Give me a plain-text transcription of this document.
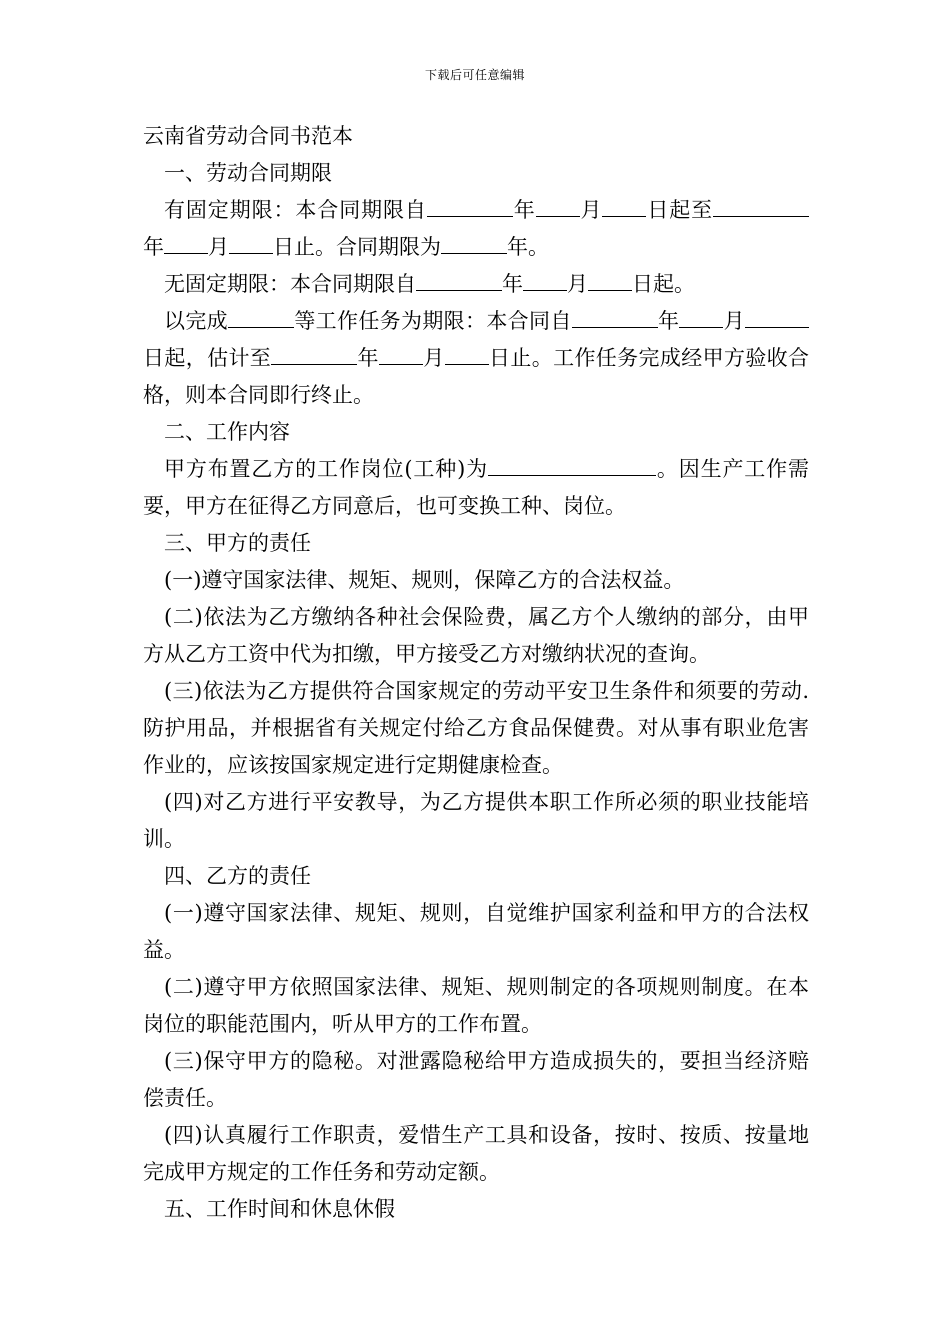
下载后可任意编辑

云南省劳动合同书范本

一、劳动合同期限

有固定期限：本合同期限自	年 月 日起至年 月 日止。合同期限为	年。

无固定期限：本合同期限自	年 月 日起。

以完成	等工作任务为期限：本合同自	年 月日起，估计至	年 月 日止。工作任务完成经甲方验收合格，则本合同即行终止。

二、工作内容

甲方布置乙方的工作岗位(工种)为	。因生产工作需要，甲方在征得乙方同意后，也可变换工种、岗位。

三、甲方的责任

(一)遵守国家法律、规矩、规则，保障乙方的合法权益。

(二)依法为乙方缴纳各种社会保险费，属乙方个人缴纳的部分，由甲方从乙方工资中代为扣缴，甲方接受乙方对缴纳状况的查询。

(三)依法为乙方提供符合国家规定的劳动平安卫生条件和须要的劳动.防护用品，并根据省有关规定付给乙方食品保健费。对从事有职业危害作业的，应该按国家规定进行定期健康检查。

(四)对乙方进行平安教导，为乙方提供本职工作所必须的职业技能培训。

四、乙方的责任

(一)遵守国家法律、规矩、规则，自觉维护国家利益和甲方的合法权益。

(二)遵守甲方依照国家法律、规矩、规则制定的各项规则制度。在本岗位的职能范围内，听从甲方的工作布置。

(三)保守甲方的隐秘。对泄露隐秘给甲方造成损失的，要担当经济赔偿责任。

(四)认真履行工作职责，爱惜生产工具和设备，按时、按质、按量地完成甲方规定的工作任务和劳动定额。

五、工作时间和休息休假
